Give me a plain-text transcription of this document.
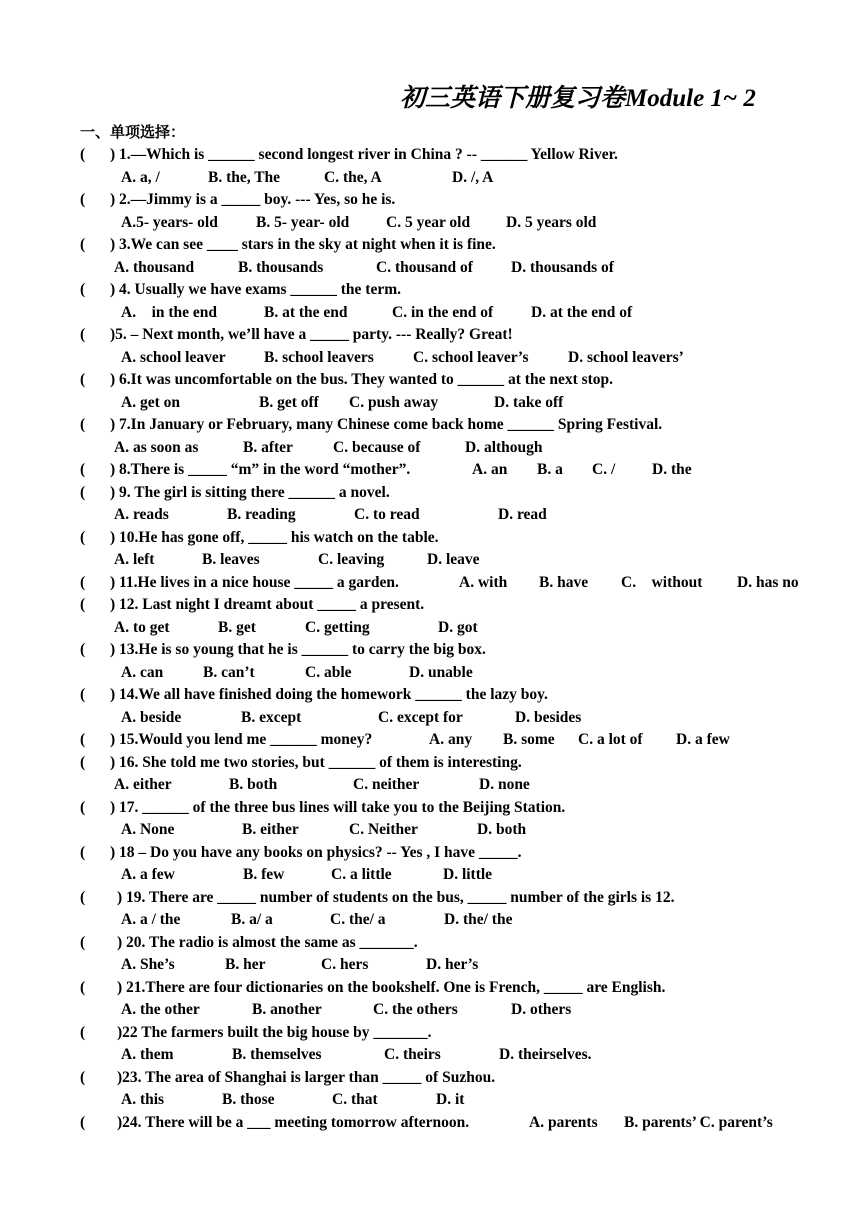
初三英语下册复习卷Module 1~ 2
一、单项选择：
( ) 1.—Which is ______ second longest river in China ? -- ______ Yellow River.
A. a, /	B. the, The	C. the, A	D. /, A
( ) 2.—Jimmy is a _____ boy. --- Yes, so he is.
A.5- years- old B. 5- year- old C. 5 year old D. 5 years old
( ) 3.We can see ____ stars in the sky at night when it is fine.
A. thousand	B. thousands	C. thousand of D. thousands of
( ) 4. Usually we have exams ______ the term.
A.    in the end	B. at the end	C. in the end of D. at the end of
( )5. – Next month, we’ll have a _____ party. --- Really? Great!
A. school leaver B. school leavers	C. school leaver’s	D. school leavers’
( ) 6.It was uncomfortable on the bus. They wanted to ______ at the next stop.
A. get on	B. get off C. push away	D. take off
( ) 7.In January or February, many Chinese come back home ______ Spring Festival.
A. as soon as	B. after	C. because of	D. although
( ) 8.There is _____ “m” in the word “mother”.	A. an B. a C. / D. the
( ) 9. The girl is sitting there ______ a novel.
A. reads	B. reading	C. to read	D. read
( ) 10.He has gone off, _____ his watch on the table.
A. left	B. leaves	C. leaving	D. leave
( ) 11.He lives in a nice house _____ a garden.	A. with B. have C.    without D. has no
( ) 12. Last night I dreamt about _____ a present.
A. to get	B. get	C. getting	D. got
( ) 13.He is so young that he is ______ to carry the big box.
A. can	B. can’t	C. able	D. unable
( ) 14.We all have finished doing the homework ______ the lazy boy.
A. beside	B. except	C. except for	D. besides
( ) 15.Would you lend me ______ money?	A. any B. some C. a lot of D. a few
( ) 16. She told me two stories, but ______ of them is interesting.
A. either	B. both	C. neither	D. none
( ) 17. ______ of the three bus lines will take you to the Beijing Station.
A. None	B. either	C. Neither	D. both
( ) 18 – Do you have any books on physics? -- Yes , I have _____.
A. a few	B. few	C. a little	D. little
( ) 19. There are _____ number of students on the bus, _____ number of the girls is 12.
A. a / the	B. a/ a	C. the/ a	D. the/ the
( ) 20. The radio is almost the same as _______.
A. She’s	B. her	C. hers	D. her’s
( ) 21.There are four dictionaries on the bookshelf. One is French, _____ are English.
A. the other	B. another	C. the others	D. others
( )22 The farmers built the big house by _______.
A. them	B. themselves	C. theirs	D. theirselves.
( )23. The area of Shanghai is larger than _____ of Suzhou.
A. this	B. those	C. that	D. it
( )24. There will be a ___ meeting tomorrow afternoon.	A. parents B. parents’ C. parent’s
